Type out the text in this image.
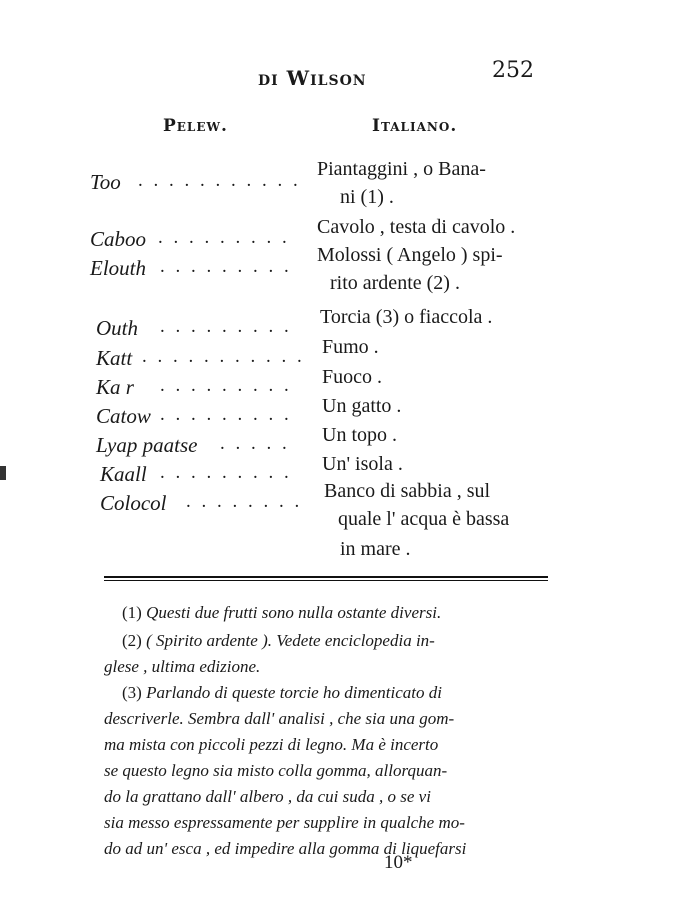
di Wilson	252
Pelew.	Italiano.
Too . . . . . . . . . . .
Piantaggini , o Bana-
ni (1) .
Caboo . . . . . . . . . Cavolo , testa di cavolo .
Elouth . . . . . . . . .
Molossi ( Angelo ) spi-
rito ardente (2) .
Outh . . . . . . . . . Torcia (3) o fiaccola .
Katt . . . . . . . . . . . Fumo .
Ka r . . . . . . . . . Fuoco .
Catow . . . . . . . . . Un gatto .
Lyap paatse . . . . . Un topo .
Kaall . . . . . . . . . Un' isola .
Colocol . . . . . . . . Banco di sabbia , sul
quale l' acqua è bassa
in mare .
(1) Questi due frutti sono nulla ostante diversi.
(2) ( Spirito ardente ). Vedete enciclopedia in-
glese , ultima edizione.
(3) Parlando di queste torcie ho dimenticato di
descriverle. Sembra dall' analisi , che sia una gom-
ma mista con piccoli pezzi di legno. Ma è incerto
se questo legno sia misto colla gomma, allorquan-
do la grattano dall' albero , da cui suda , o se vi
sia messo espressamente per supplire in qualche mo-
do ad un' esca , ed impedire alla gomma di liquefarsi
10*
